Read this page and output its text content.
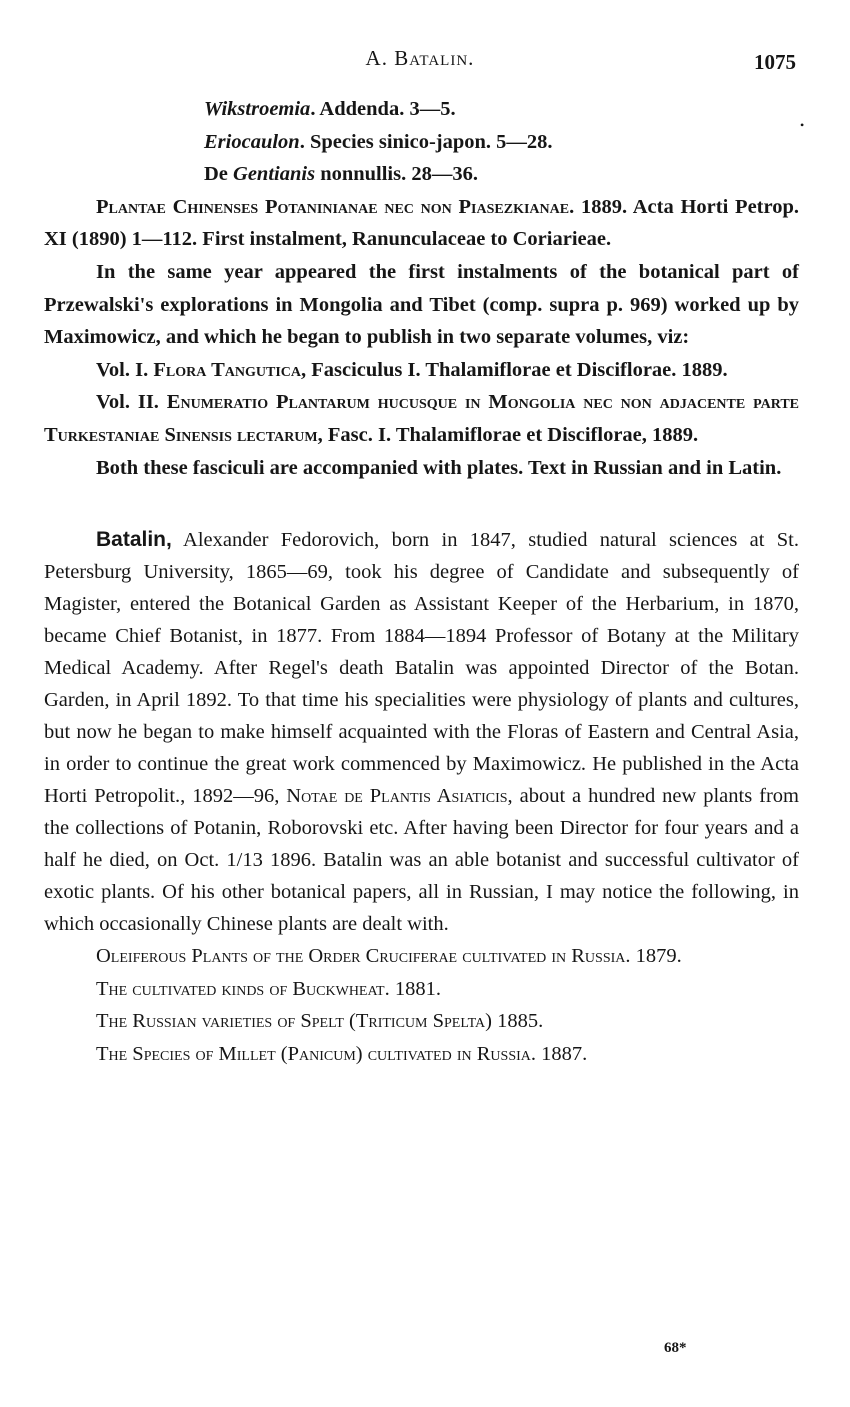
A. Batalin.	1075
•

Wikstroemia. Addenda. 3—5.

Eriocaulon. Species sinico-japon. 5—28.

De Gentianis nonnullis. 28—36.

Plantae Chinenses Potaninianae nec non Piasezkianae. 1889. Acta Horti Petrop. XI (1890) 1—112. First instalment, Ranunculaceae to Coriarieae.

In the same year appeared the first instalments of the botanical part of Przewalski's explorations in Mongolia and Tibet (comp. supra p. 969) worked up by Maximowicz, and which he began to publish in two separate volumes, viz:

Vol. I. Flora Tangutica, Fasciculus I. Thalamiflorae et Disciflorae. 1889.

Vol. II. Enumeratio Plantarum hucusque in Mongolia nec non adjacente parte Turkestaniae Sinensis lectarum, Fasc. I. Thalamiflorae et Disciflorae, 1889.

Both these fasciculi are accompanied with plates. Text in Russian and in Latin.

Batalin, Alexander Fedorovich, born in 1847, studied natural sciences at St. Petersburg University, 1865—69, took his degree of Candidate and subsequently of Magister, entered the Botanical Garden as Assistant Keeper of the Herbarium, in 1870, became Chief Botanist, in 1877. From 1884—1894 Professor of Botany at the Military Medical Academy. After Regel's death Batalin was appointed Director of the Botan. Garden, in April 1892. To that time his specialities were physiology of plants and cultures, but now he began to make himself acquainted with the Floras of Eastern and Central Asia, in order to continue the great work commenced by Maximowicz. He published in the Acta Horti Petropolit., 1892—96, Notae de Plantis Asiaticis, about a hundred new plants from the collections of Potanin, Roborovski etc. After having been Director for four years and a half he died, on Oct. 1/13 1896. Batalin was an able botanist and successful cultivator of exotic plants. Of his other botanical papers, all in Russian, I may notice the following, in which occasionally Chinese plants are dealt with.

Oleiferous Plants of the Order Cruciferae cultivated in Russia. 1879.

The cultivated kinds of Buckwheat. 1881.

The Russian varieties of Spelt (Triticum Spelta) 1885.

The Species of Millet (Panicum) cultivated in Russia. 1887.

68*
